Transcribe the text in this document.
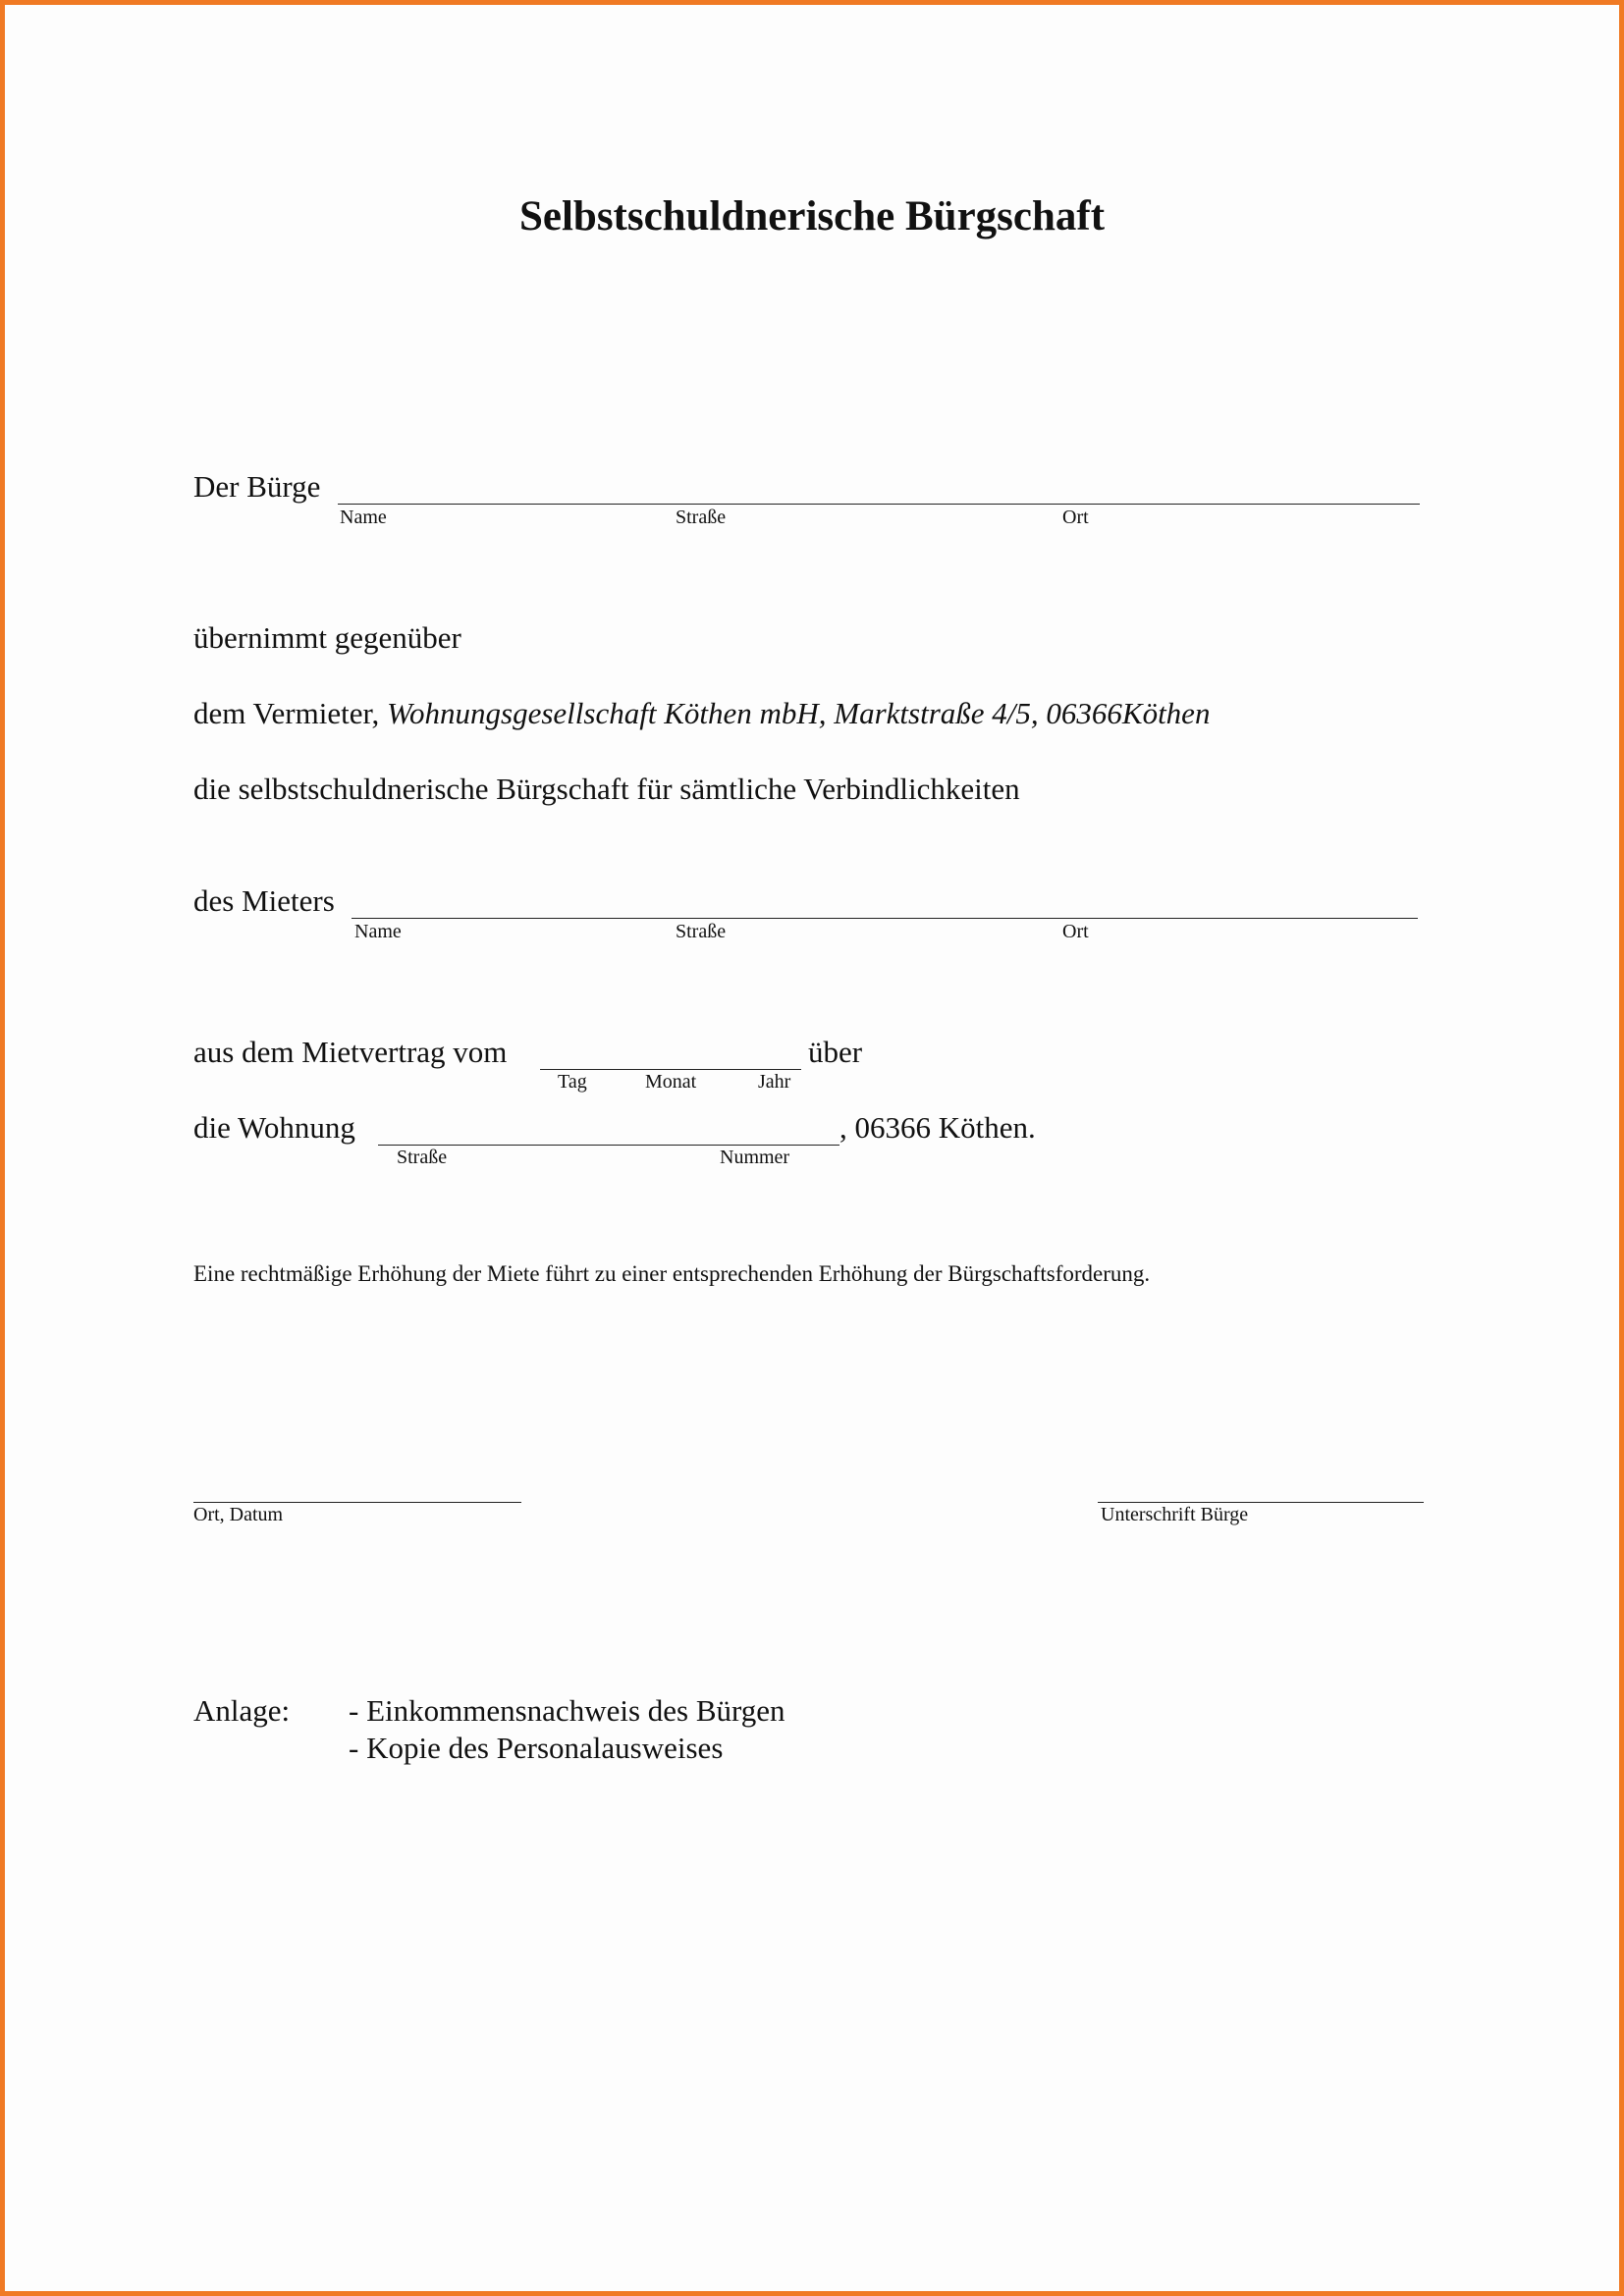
Selbstschuldnerische Bürgschaft
Der Bürge
Name	Straße	Ort
übernimmt gegenüber
dem Vermieter, Wohnungsgesellschaft Köthen mbH, Marktstraße 4/5, 06366Köthen
die selbstschuldnerische Bürgschaft für sämtliche Verbindlichkeiten
des Mieters
Name	Straße	Ort
aus dem Mietvertrag vom	über
Tag	Monat	Jahr
die Wohnung	, 06366 Köthen.
Straße	Nummer
Eine rechtmäßige Erhöhung der Miete führt zu einer entsprechenden Erhöhung der Bürgschaftsforderung.
Ort, Datum	Unterschrift Bürge
Anlage: - Einkommensnachweis des Bürgen
- Kopie des Personalausweises
